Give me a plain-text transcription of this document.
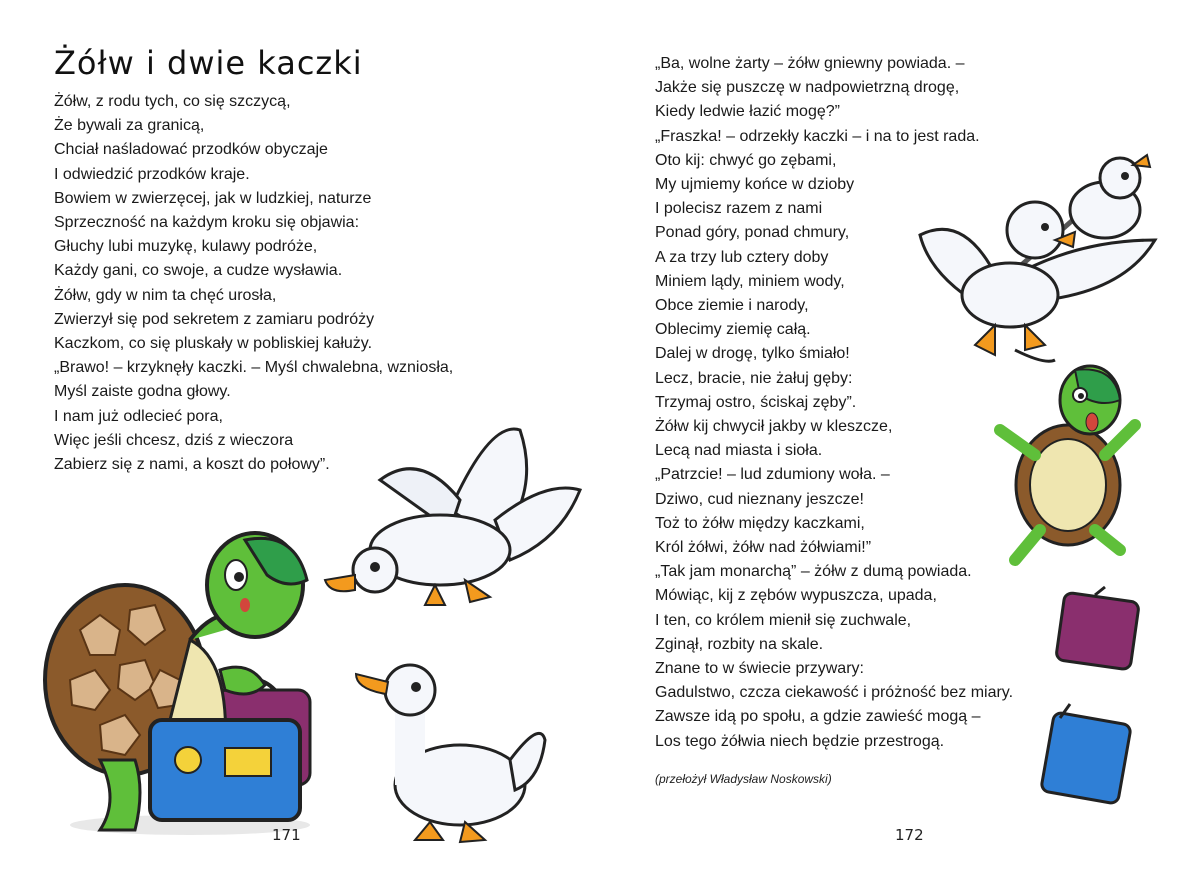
Żółw i dwie kaczki
Żółw, z rodu tych, co się szczycą,
Że bywali za granicą,
Chciał naśladować przodków obyczaje
I odwiedzić przodków kraje.
Bowiem w zwierzęcej, jak w ludzkiej, naturze
Sprzeczność na każdym kroku się objawia:
Głuchy lubi muzykę, kulawy podróże,
Każdy gani, co swoje, a cudze wysławia.
Żółw, gdy w nim ta chęć urosła,
Zwierzył się pod sekretem z zamiaru podróży
Kaczkom, co się pluskały w pobliskiej kałuży.
„Brawo! – krzyknęły kaczki. – Myśl chwalebna, wzniosła,
Myśl zaiste godna głowy.
I nam już odlecieć pora,
Więc jeśli chcesz, dziś z wieczora
Zabierz się z nami, a koszt do połowy”.
171
„Ba, wolne żarty – żółw gniewny powiada. –
Jakże się puszczę w nadpowietrzną drogę,
Kiedy ledwie łazić mogę?”
„Fraszka! – odrzekły kaczki – i na to jest rada.
Oto kij: chwyć go zębami,
My ujmiemy końce w dzioby
I polecisz razem z nami
Ponad góry, ponad chmury,
A za trzy lub cztery doby
Miniem lądy, miniem wody,
Obce ziemie i narody,
Oblecimy ziemię całą.
Dalej w drogę, tylko śmiało!
Lecz, bracie, nie żałuj gęby:
Trzymaj ostro, ściskaj zęby”.
Żółw kij chwycił jakby w kleszcze,
Lecą nad miasta i sioła.
„Patrzcie! – lud zdumiony woła. –
Dziwo, cud nieznany jeszcze!
Toż to żółw między kaczkami,
Król żółwi, żółw nad żółwiami!”
„Tak jam monarchą” – żółw z dumą powiada.
Mówiąc, kij z zębów wypuszcza, upada,
I ten, co królem mienił się zuchwale,
Zginął, rozbity na skale.
Znane to w świecie przywary:
Gadulstwo, czcza ciekawość i próżność bez miary.
Zawsze idą po społu, a gdzie zawieść mogą –
Los tego żółwia niech będzie przestrogą.
(przełożył Władysław Noskowski)
172
